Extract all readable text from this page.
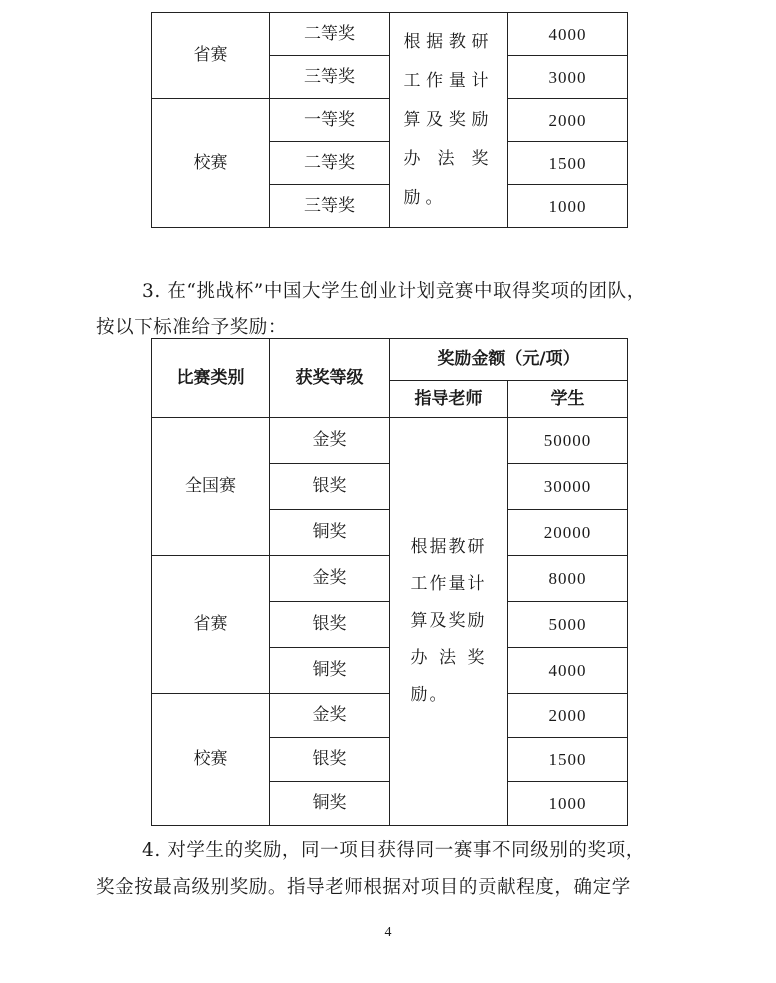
省赛	二等奖	根据教研工作量计算及奖励办法奖励。	4000
	三等奖		3000
校赛	一等奖		2000
	二等奖		1500
	三等奖		1000

3. 在“挑战杯”中国大学生创业计划竞赛中取得奖项的团队，

按以下标准给予奖励：

比赛类别	获奖等级	奖励金额（元/项）	
		指导老师	学生
全国赛	金奖	根据教研工作量计算及奖励办法奖励。	50000
	银奖		30000
	铜奖		20000
省赛	金奖		8000
	银奖		5000
	铜奖		4000
校赛	金奖		2000
	银奖		1500
	铜奖		1000

4. 对学生的奖励，同一项目获得同一赛事不同级别的奖项，

奖金按最高级别奖励。指导老师根据对项目的贡献程度，确定学

4
